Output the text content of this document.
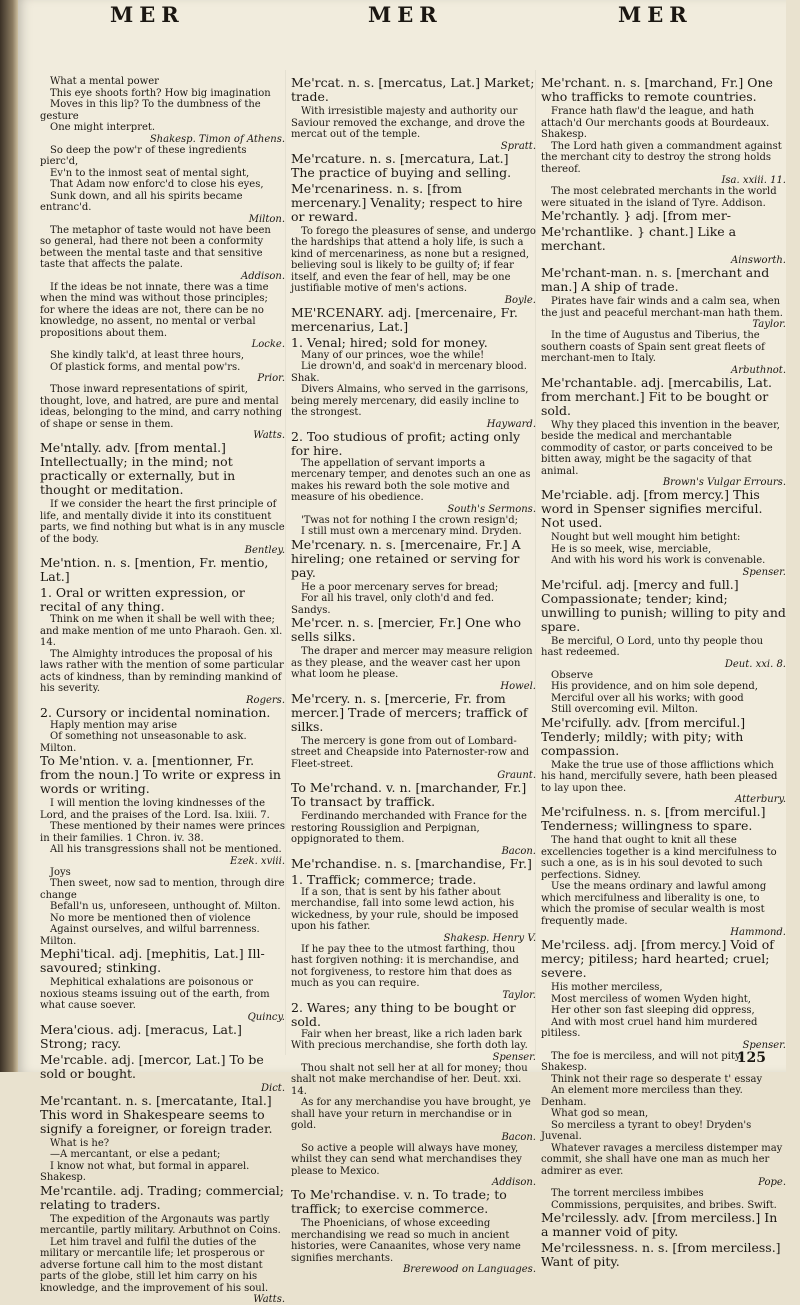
MER	MER	MER
What a mental power
This eye shoots forth? How big imagination
Moves in this lip? To the dumbness of the gesture
One might interpret.
Shakesp. Timon of Athens.
So deep the pow'r of these ingredients pierc'd,
Ev'n to the inmost seat of mental sight,
That Adam now enforc'd to close his eyes,
Sunk down, and all his spirits became entranc'd.
Milton.
The metaphor of taste would not have been so general, had there not been a conformity between the mental taste and that sensitive taste that affects the palate.
Addison.
If the ideas be not innate, there was a time when the mind was without those principles; for where the ideas are not, there can be no knowledge, no assent, no mental or verbal propositions about them.
Locke.
She kindly talk'd, at least three hours,
Of plastick forms, and mental pow'rs.
Prior.
Those inward representations of spirit, thought, love, and hatred, are pure and mental ideas, belonging to the mind, and carry nothing of shape or sense in them.
Watts.
Me'ntally. adv. [from mental.] Intellectually; in the mind; not practically or externally, but in thought or meditation.
If we consider the heart the first principle of life, and mentally divide it into its constituent parts, we find nothing but what is in any muscle of the body.
Bentley.
Me'ntion. n. s. [mention, Fr. mentio, Lat.]
1. Oral or written expression, or recital of any thing.
Think on me when it shall be well with thee; and make mention of me unto Pharaoh. Gen. xl. 14.
The Almighty introduces the proposal of his laws rather with the mention of some particular acts of kindness, than by reminding mankind of his severity.
Rogers.
2. Cursory or incidental nomination.
Haply mention may arise
Of something not unseasonable to ask. Milton.
To Me'ntion. v. a. [mentionner, Fr. from the noun.] To write or express in words or writing.
I will mention the loving kindnesses of the Lord, and the praises of the Lord. Isa. lxiii. 7.
These mentioned by their names were princes in their families. 1 Chron. iv. 38.
All his transgressions shall not be mentioned.
Ezek. xviii.
Joys
Then sweet, now sad to mention, through dire change
Befall'n us, unforeseen, unthought of. Milton.
No more be mentioned then of violence
Against ourselves, and wilful barrenness. Milton.
Mephi'tical. adj. [mephitis, Lat.] Ill-savoured; stinking.
Mephitical exhalations are poisonous or noxious steams issuing out of the earth, from what cause soever.
Quincy.
Mera'cious. adj. [meracus, Lat.] Strong; racy.
Me'rcable. adj. [mercor, Lat.] To be sold or bought.
Dict.
Me'rcantant. n. s. [mercatante, Ital.] This word in Shakespeare seems to signify a foreigner, or foreign trader.
What is he?
—A mercantant, or else a pedant;
I know not what, but formal in apparel. Shakesp.
Me'rcantile. adj. Trading; commercial; relating to traders.
The expedition of the Argonauts was partly mercantile, partly military. Arbuthnot on Coins.
Let him travel and fulfil the duties of the military or mercantile life; let prosperous or adverse fortune call him to the most distant parts of the globe, still let him carry on his knowledge, and the improvement of his soul.
Watts.
Me'rcat. n. s. [mercatus, Lat.] Market; trade.
With irresistible majesty and authority our Saviour removed the exchange, and drove the mercat out of the temple.
Spratt.
Me'rcature. n. s. [mercatura, Lat.] The practice of buying and selling.
Me'rcenariness. n. s. [from mercenary.] Venality; respect to hire or reward.
To forego the pleasures of sense, and undergo the hardships that attend a holy life, is such a kind of mercenariness, as none but a resigned, believing soul is likely to be guilty of; if fear itself, and even the fear of hell, may be one justifiable motive of men's actions.
Boyle.
ME'RCENARY. adj. [mercenaire, Fr. mercenarius, Lat.]
1. Venal; hired; sold for money.
Many of our princes, woe the while!
Lie drown'd, and soak'd in mercenary blood. Shak.
Divers Almains, who served in the garrisons, being merely mercenary, did easily incline to the strongest.
Hayward.
2. Too studious of profit; acting only for hire.
The appellation of servant imports a mercenary temper, and denotes such an one as makes his reward both the sole motive and measure of his obedience.
South's Sermons.
'Twas not for nothing I the crown resign'd;
I still must own a mercenary mind. Dryden.
Me'rcenary. n. s. [mercenaire, Fr.] A hireling; one retained or serving for pay.
He a poor mercenary serves for bread;
For all his travel, only cloth'd and fed. Sandys.
Me'rcer. n. s. [mercier, Fr.] One who sells silks.
The draper and mercer may measure religion as they please, and the weaver cast her upon what loom he please.
Howel.
Me'rcery. n. s. [mercerie, Fr. from mercer.] Trade of mercers; traffick of silks.
The mercery is gone from out of Lombard-street and Cheapside into Paternoster-row and Fleet-street.
Graunt.
To Me'rchand. v. n. [marchander, Fr.] To transact by traffick.
Ferdinando merchanded with France for the restoring Roussiglion and Perpignan, oppignorated to them.
Bacon.
Me'rchandise. n. s. [marchandise, Fr.]
1. Traffick; commerce; trade.
If a son, that is sent by his father about merchandise, fall into some lewd action, his wickedness, by your rule, should be imposed upon his father.
Shakesp. Henry V.
If he pay thee to the utmost farthing, thou hast forgiven nothing: it is merchandise, and not forgiveness, to restore him that does as much as you can require.
Taylor.
2. Wares; any thing to be bought or sold.
Fair when her breast, like a rich laden bark With precious merchandise, she forth doth lay.
Spenser.
Thou shalt not sell her at all for money; thou shalt not make merchandise of her. Deut. xxi. 14.
As for any merchandise you have brought, ye shall have your return in merchandise or in gold.
Bacon.
So active a people will always have money, whilst they can send what merchandises they please to Mexico.
Addison.
To Me'rchandise. v. n. To trade; to traffick; to exercise commerce.
The Phoenicians, of whose exceeding merchandising we read so much in ancient histories, were Canaanites, whose very name signifies merchants.
Brerewood on Languages.
Me'rchant. n. s. [marchand, Fr.] One who trafficks to remote countries.
France hath flaw'd the league, and hath attach'd Our merchants goods at Bourdeaux. Shakesp.
The Lord hath given a commandment against the merchant city to destroy the strong holds thereof.
Isa. xxiii. 11.
The most celebrated merchants in the world were situated in the island of Tyre. Addison.
Me'rchantly. } adj. [from mer-
Me'rchantlike. } chant.] Like a merchant.
Ainsworth.
Me'rchant-man. n. s. [merchant and man.] A ship of trade.
Pirates have fair winds and a calm sea, when the just and peaceful merchant-man hath them.
Taylor.
In the time of Augustus and Tiberius, the southern coasts of Spain sent great fleets of merchant-men to Italy.
Arbuthnot.
Me'rchantable. adj. [mercabilis, Lat. from merchant.] Fit to be bought or sold.
Why they placed this invention in the beaver, beside the medical and merchantable commodity of castor, or parts conceived to be bitten away, might be the sagacity of that animal.
Brown's Vulgar Errours.
Me'rciable. adj. [from mercy.] This word in Spenser signifies merciful. Not used.
Nought but well mought him betight:
He is so meek, wise, merciable,
And with his word his work is convenable.
Spenser.
Me'rciful. adj. [mercy and full.] Compassionate; tender; kind; unwilling to punish; willing to pity and spare.
Be merciful, O Lord, unto thy people thou hast redeemed.
Deut. xxi. 8.
Observe
His providence, and on him sole depend,
Merciful over all his works; with good
Still overcoming evil. Milton.
Me'rcifully. adv. [from merciful.] Tenderly; mildly; with pity; with compassion.
Make the true use of those afflictions which his hand, mercifully severe, hath been pleased to lay upon thee.
Atterbury.
Me'rcifulness. n. s. [from merciful.] Tenderness; willingness to spare.
The hand that ought to knit all these excellencies together is a kind mercifulness to such a one, as is in his soul devoted to such perfections. Sidney.
Use the means ordinary and lawful among which mercifulness and liberality is one, to which the promise of secular wealth is most frequently made.
Hammond.
Me'rciless. adj. [from mercy.] Void of mercy; pitiless; hard hearted; cruel; severe.
His mother merciless,
Most merciless of women Wyden hight,
Her other son fast sleeping did oppress,
And with most cruel hand him murdered pitiless.
Spenser.
The foe is merciless, and will not pity. Shakesp.
Think not their rage so desperate t' essay
An element more merciless than they. Denham.
What god so mean,
So merciless a tyrant to obey! Dryden's Juvenal.
Whatever ravages a merciless distemper may commit, she shall have one man as much her admirer as ever.
Pope.
The torrent merciless imbibes
Commissions, perquisites, and bribes. Swift.
Me'rcilessly. adv. [from merciless.] In a manner void of pity.
Me'rcilessness. n. s. [from merciless.] Want of pity.
125
